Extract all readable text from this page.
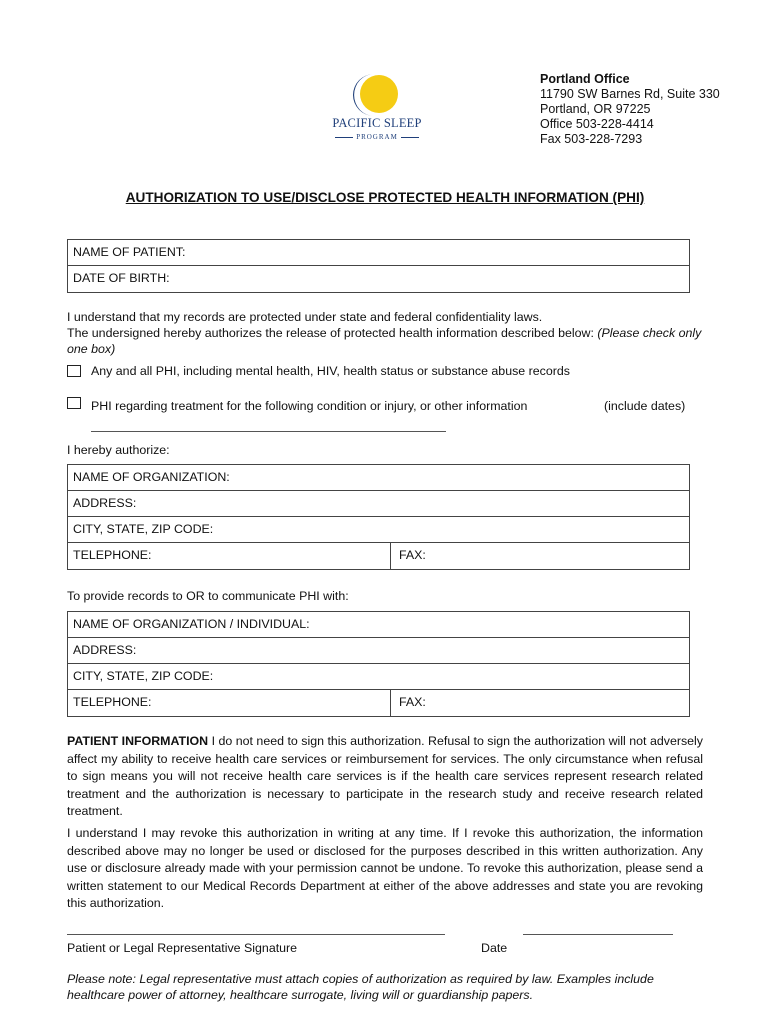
PACIFIC SLEEP
PROGRAM
Portland Office
11790 SW Barnes Rd, Suite 330
Portland, OR 97225
Office 503-228-4414
Fax 503-228-7293
AUTHORIZATION TO USE/DISCLOSE PROTECTED HEALTH INFORMATION (PHI)
NAME OF PATIENT:
DATE OF BIRTH:
I understand that my records are protected under state and federal confidentiality laws.
The undersigned hereby authorizes the release of protected health information described below: (Please check only one box)
Any and all PHI, including mental health, HIV, health status or substance abuse records
PHI regarding treatment for the following condition or injury, or other information	(include dates)
I hereby authorize:
NAME OF ORGANIZATION:
ADDRESS:
CITY, STATE, ZIP CODE:
TELEPHONE:	FAX:
To provide records to OR to communicate PHI with:
NAME OF ORGANIZATION / INDIVIDUAL:
ADDRESS:
CITY, STATE, ZIP CODE:
TELEPHONE:	FAX:
PATIENT INFORMATION I do not need to sign this authorization. Refusal to sign the authorization will not adversely affect my ability to receive health care services or reimbursement for services. The only circumstance when refusal to sign means you will not receive health care services is if the health care services represent research related treatment and the authorization is necessary to participate in the research study and receive research related treatment.
I understand I may revoke this authorization in writing at any time. If I revoke this authorization, the information described above may no longer be used or disclosed for the purposes described in this written authorization. Any use or disclosure already made with your permission cannot be undone. To revoke this authorization, please send a written statement to our Medical Records Department at either of the above addresses and state you are revoking this authorization.
Patient or Legal Representative Signature	Date
Please note: Legal representative must attach copies of authorization as required by law. Examples include healthcare power of attorney, healthcare surrogate, living will or guardianship papers.
